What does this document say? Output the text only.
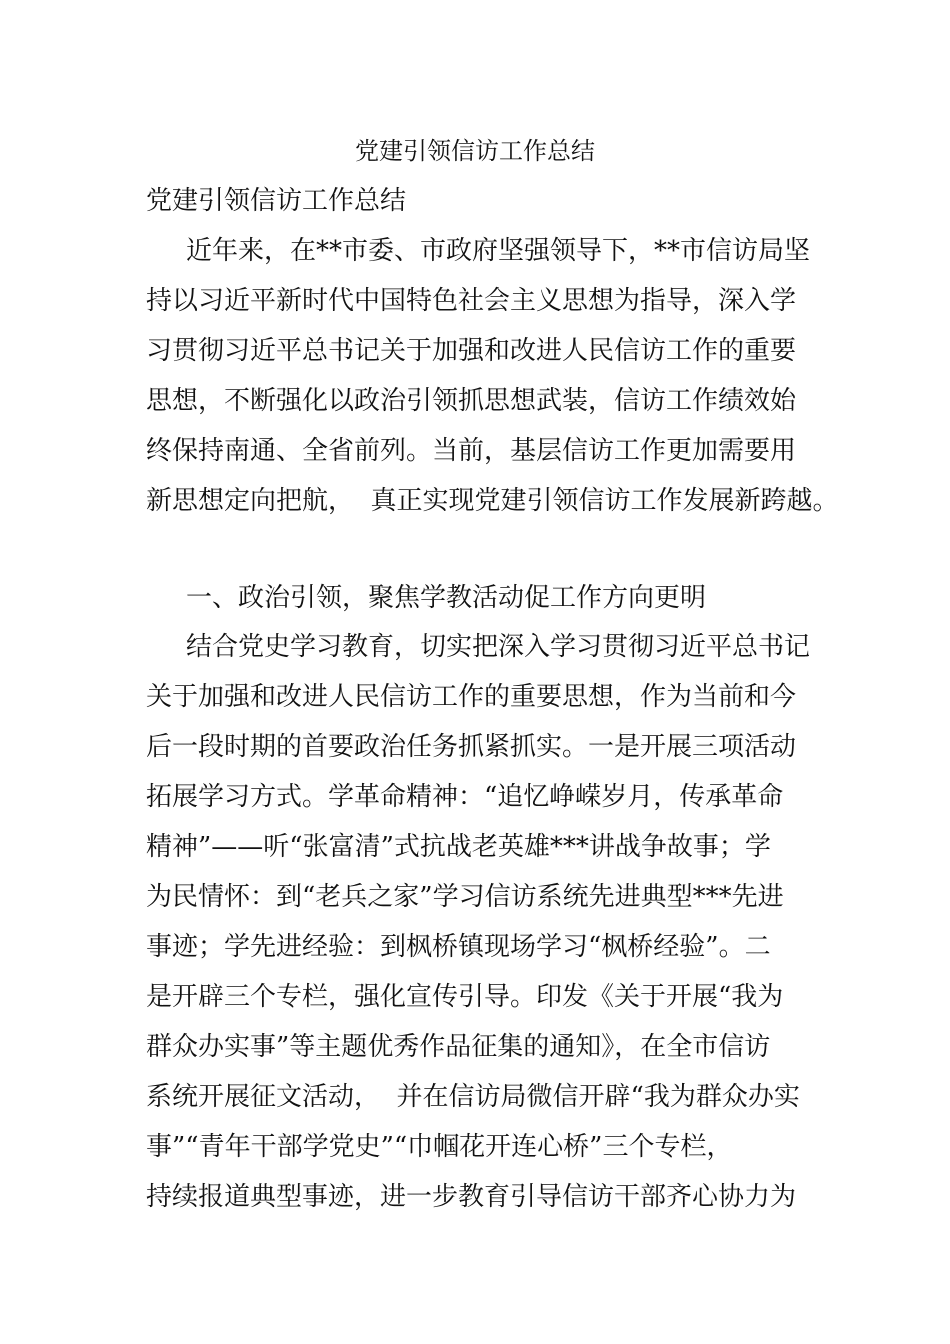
党建引领信访工作总结

党建引领信访工作总结

近年来，在**市委、市政府坚强领导下，**市信访局坚
持以习近平新时代中国特色社会主义思想为指导，深入学
习贯彻习近平总书记关于加强和改进人民信访工作的重要
思想，不断强化以政治引领抓思想武装，信访工作绩效始
终保持南通、全省前列。当前，基层信访工作更加需要用
新思想定向把航，  真正实现党建引领信访工作发展新跨越。
一、政治引领，聚焦学教活动促工作方向更明
结合党史学习教育，切实把深入学习贯彻习近平总书记
关于加强和改进人民信访工作的重要思想，作为当前和今
后一段时期的首要政治任务抓紧抓实。一是开展三项活动
拓展学习方式。学革命精神：“追忆峥嵘岁月，传承革命
精神”——听“张富清”式抗战老英雄***讲战争故事；学
为民情怀：到“老兵之家”学习信访系统先进典型***先进
事迹；学先进经验：到枫桥镇现场学习“枫桥经验”。二
是开辟三个专栏，强化宣传引导。印发《关于开展“我为
群众办实事”等主题优秀作品征集的通知》，在全市信访
系统开展征文活动，  并在信访局微信开辟“我为群众办实
事”“青年干部学党史”“巾帼花开连心桥”三个专栏，
持续报道典型事迹，进一步教育引导信访干部齐心协力为
